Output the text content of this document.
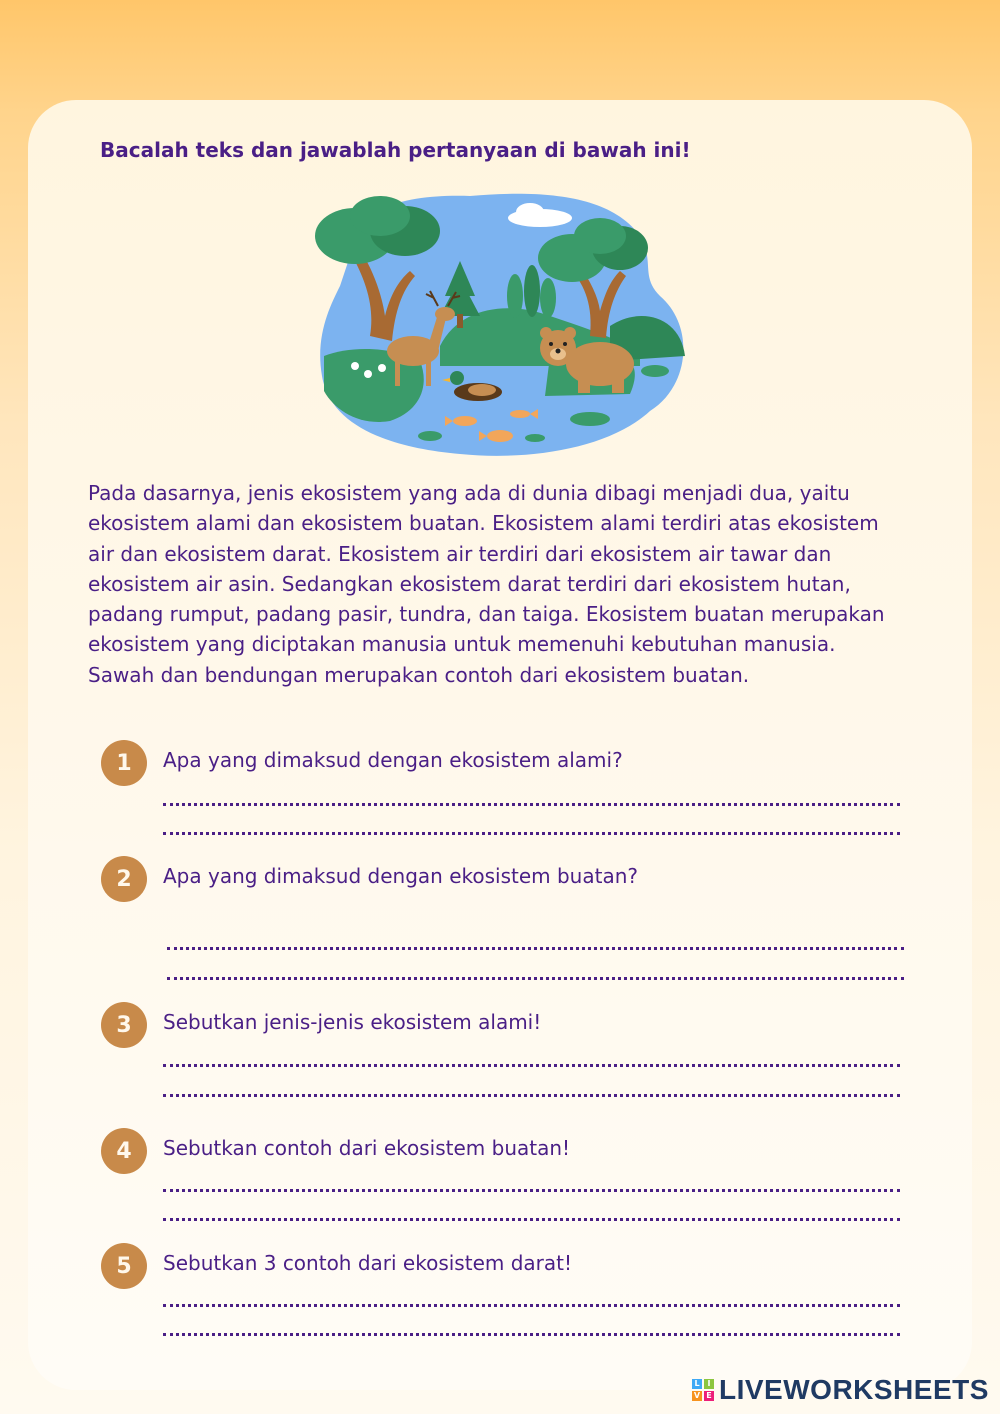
Bacalah teks dan jawablah pertanyaan di bawah ini!

Pada dasarnya, jenis ekosistem yang ada di dunia dibagi menjadi dua, yaitu ekosistem alami dan ekosistem buatan. Ekosistem alami terdiri atas ekosistem air dan ekosistem darat. Ekosistem air terdiri dari ekosistem air tawar dan ekosistem air asin. Sedangkan ekosistem darat terdiri dari ekosistem hutan, padang rumput, padang pasir, tundra, dan taiga. Ekosistem buatan merupakan ekosistem yang diciptakan manusia untuk memenuhi kebutuhan manusia. Sawah dan bendungan merupakan contoh dari ekosistem buatan.

1	Apa yang dimaksud dengan ekosistem alami?
2	Apa yang dimaksud dengan ekosistem buatan?
3	Sebutkan jenis-jenis ekosistem alami!
4	Sebutkan contoh dari ekosistem buatan!
5	Sebutkan 3 contoh dari ekosistem darat!
L I
V E LIVEWORKSHEETS
